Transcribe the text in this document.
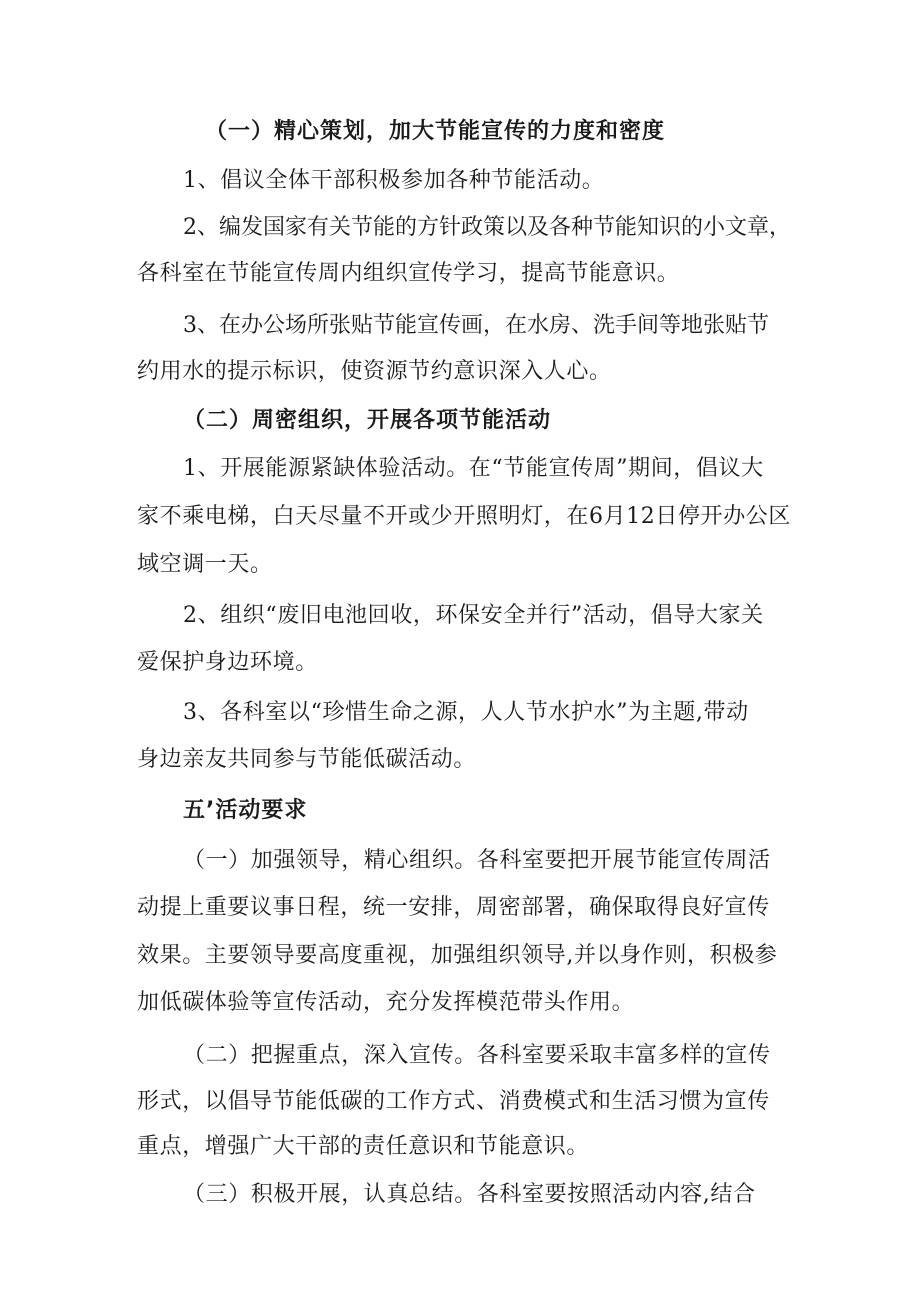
（一）精心策划，加大节能宣传的力度和密度
1、倡议全体干部积极参加各种节能活动。
2、编发国家有关节能的方针政策以及各种节能知识的小文章，
各科室在节能宣传周内组织宣传学习，提高节能意识。
3、在办公场所张贴节能宣传画，在水房、洗手间等地张贴节
约用水的提示标识，使资源节约意识深入人心。
（二）周密组织，开展各项节能活动
1、开展能源紧缺体验活动。在“节能宣传周”期间，倡议大
家不乘电梯，白天尽量不开或少开照明灯，在6月12日停开办公区
域空调一天。
2、组织“废旧电池回收，环保安全并行”活动，倡导大家关
爱保护身边环境。
3、各科室以“珍惜生命之源，人人节水护水”为主题,带动
身边亲友共同参与节能低碳活动。
五’活动要求
（一）加强领导，精心组织。各科室要把开展节能宣传周活
动提上重要议事日程，统一安排，周密部署，确保取得良好宣传
效果。主要领导要高度重视，加强组织领导,并以身作则，积极参
加低碳体验等宣传活动，充分发挥模范带头作用。
（二）把握重点，深入宣传。各科室要采取丰富多样的宣传
形式，以倡导节能低碳的工作方式、消费模式和生活习惯为宣传
重点，增强广大干部的责任意识和节能意识。
（三）积极开展，认真总结。各科室要按照活动内容,结合
